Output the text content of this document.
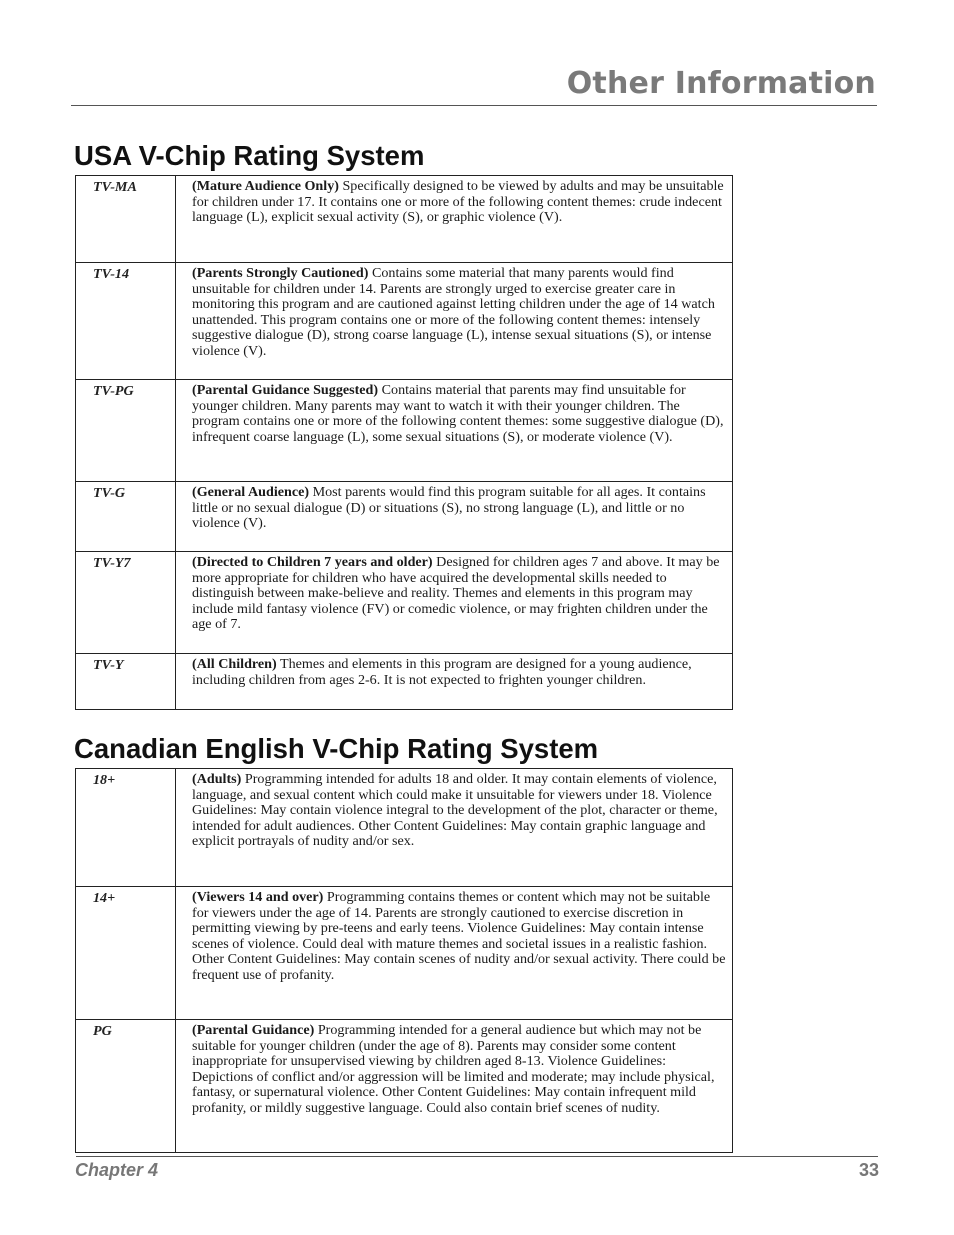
Other Information
USA V-Chip Rating System
TV-MA	(Mature Audience Only) Specifically designed to be viewed by adults and may be unsuitable for children under 17. It contains one or more of the following content themes: crude indecent language (L), explicit sexual activity (S), or graphic violence (V).
TV-14	(Parents Strongly Cautioned) Contains some material that many parents would find unsuitable for children under 14. Parents are strongly urged to exercise greater care in monitoring this program and are cautioned against letting children under the age of 14 watch unattended. This program contains one or more of the following content themes: intensely suggestive dialogue (D), strong coarse language (L), intense sexual situations (S), or intense violence (V).
TV-PG	(Parental Guidance Suggested) Contains material that parents may find unsuitable for younger children. Many parents may want to watch it with their younger children. The program contains one or more of the following content themes: some suggestive dialogue (D), infrequent coarse language (L), some sexual situations (S), or moderate violence (V).
TV-G	(General Audience) Most parents would find this program suitable for all ages. It contains little or no sexual dialogue (D) or situations (S), no strong language (L), and little or no violence (V).
TV-Y7	(Directed to Children 7 years and older) Designed for children ages 7 and above. It may be more appropriate for children who have acquired the developmental skills needed to distinguish between make-believe and reality. Themes and elements in this program may include mild fantasy violence (FV) or comedic violence, or may frighten children under the age of 7.
TV-Y	(All Children) Themes and elements in this program are designed for a young audience, including children from ages 2-6. It is not expected to frighten younger children.
Canadian English V-Chip Rating System
18+	(Adults) Programming intended for adults 18 and older. It may contain elements of violence, language, and sexual content which could make it unsuitable for viewers under 18. Violence Guidelines: May contain violence integral to the development of the plot, character or theme, intended for adult audiences. Other Content Guidelines: May contain graphic language and explicit portrayals of nudity and/or sex.
14+	(Viewers 14 and over) Programming contains themes or content which may not be suitable for viewers under the age of 14. Parents are strongly cautioned to exercise discretion in permitting viewing by pre-teens and early teens. Violence Guidelines: May contain intense scenes of violence. Could deal with mature themes and societal issues in a realistic fashion. Other Content Guidelines: May contain scenes of nudity and/or sexual activity. There could be frequent use of profanity.
PG	(Parental Guidance) Programming intended for a general audience but which may not be suitable for younger children (under the age of 8). Parents may consider some content inappropriate for unsupervised viewing by children aged 8-13. Violence Guidelines: Depictions of conflict and/or aggression will be limited and moderate; may include physical, fantasy, or supernatural violence. Other Content Guidelines: May contain infrequent mild profanity, or mildly suggestive language. Could also contain brief scenes of nudity.
Chapter 4	33
